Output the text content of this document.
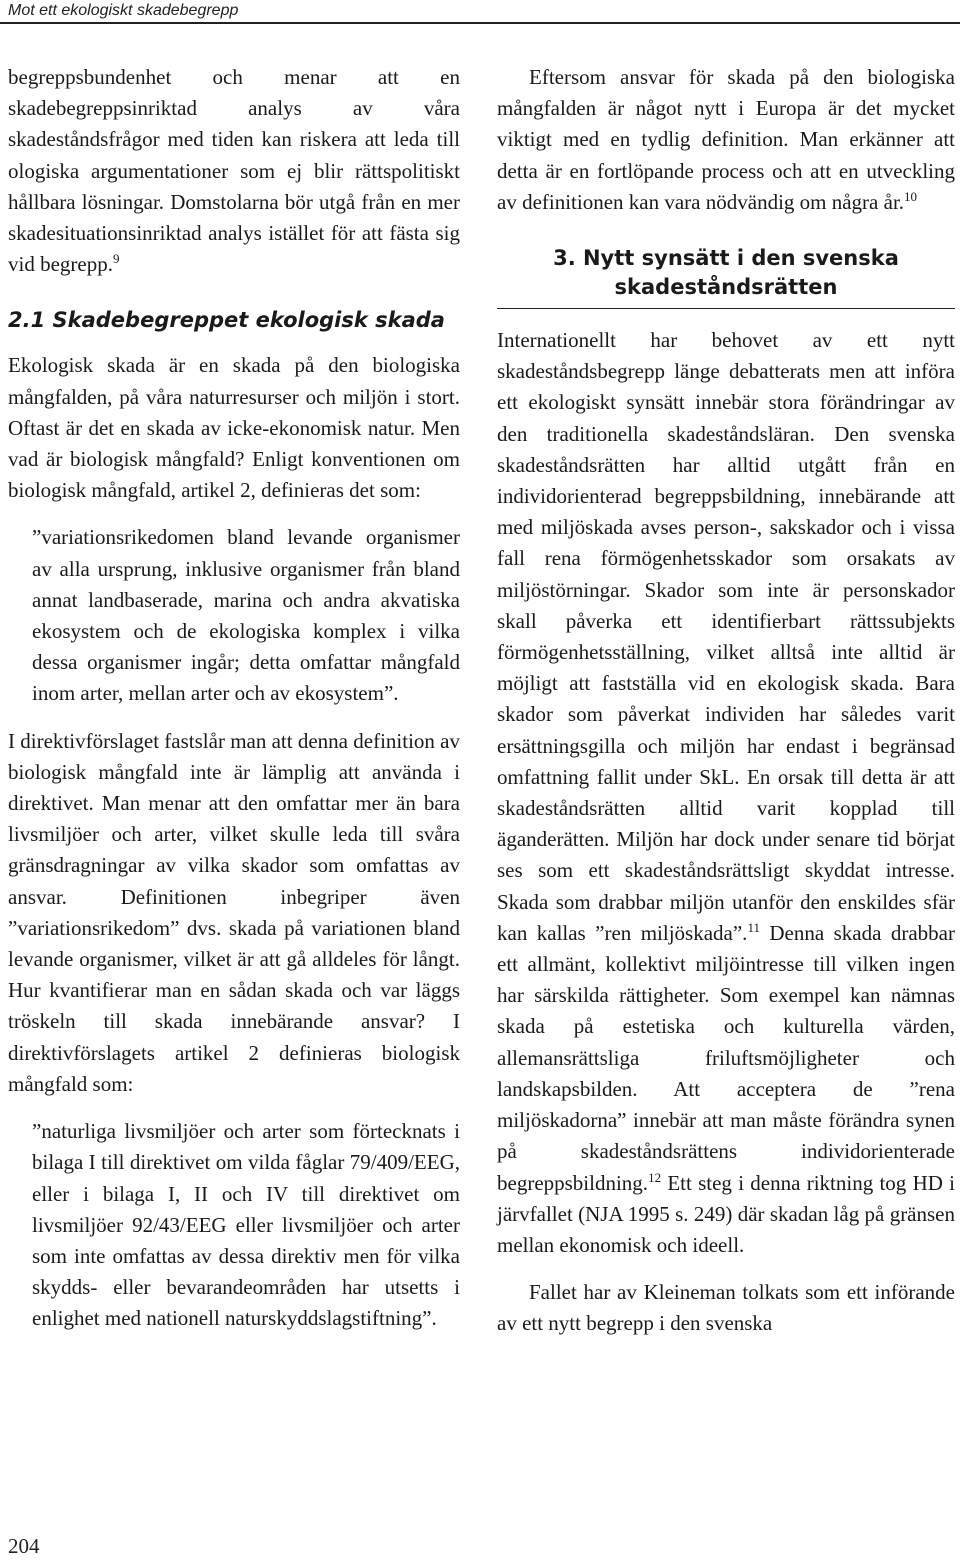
Mot ett ekologiskt skadebegrepp

begreppsbundenhet och menar att en skadebegreppsinriktad analys av våra skadeståndsfrågor med tiden kan riskera att leda till ologiska argumentationer som ej blir rättspolitiskt hållbara lösningar. Domstolarna bör utgå från en mer skadesituationsinriktad analys istället för att fästa sig vid begrepp.$^9$

2.1 Skadebegreppet ekologisk skada

Ekologisk skada är en skada på den biologiska mångfalden, på våra naturresurser och miljön i stort. Oftast är det en skada av icke-ekonomisk natur. Men vad är biologisk mångfald? Enligt konventionen om biologisk mångfald, artikel 2, definieras det som:

”variationsrikedomen bland levande organismer av alla ursprung, inklusive organismer från bland annat landbaserade, marina och andra akvatiska ekosystem och de ekologiska komplex i vilka dessa organismer ingår; detta omfattar mångfald inom arter, mellan arter och av ekosystem”.

I direktivförslaget fastslår man att denna definition av biologisk mångfald inte är lämplig att använda i direktivet. Man menar att den omfattar mer än bara livsmiljöer och arter, vilket skulle leda till svåra gränsdragningar av vilka skador som omfattas av ansvar. Definitionen inbegriper även ”variationsrikedom” dvs. skada på variationen bland levande organismer, vilket är att gå alldeles för långt. Hur kvantifierar man en sådan skada och var läggs tröskeln till skada innebärande ansvar? I direktivförslagets artikel 2 definieras biologisk mångfald som:

”naturliga livsmiljöer och arter som förtecknats i bilaga I till direktivet om vilda fåglar 79/409/EEG, eller i bilaga I, II och IV till direktivet om livsmiljöer 92/43/EEG eller livsmiljöer och arter som inte omfattas av dessa direktiv men för vilka skydds- eller bevarandeområden har utsetts i enlighet med nationell naturskyddslagstiftning”.

Eftersom ansvar för skada på den biologiska mångfalden är något nytt i Europa är det mycket viktigt med en tydlig definition. Man erkänner att detta är en fortlöpande process och att en utveckling av definitionen kan vara nödvändig om några år.$^{10}$

3. Nytt synsätt i den svenska

skadeståndsrätten

Internationellt har behovet av ett nytt skadeståndsbegrepp länge debatterats men att införa ett ekologiskt synsätt innebär stora förändringar av den traditionella skadeståndsläran. Den svenska skadeståndsrätten har alltid utgått från en individorienterad begreppsbildning, innebärande att med miljöskada avses person-, sakskador och i vissa fall rena förmögenhetsskador som orsakats av miljöstörningar. Skador som inte är personskador skall påverka ett identifierbart rättssubjekts förmögenhetsställning, vilket alltså inte alltid är möjligt att fastställa vid en ekologisk skada. Bara skador som påverkat individen har således varit ersättningsgilla och miljön har endast i begränsad omfattning fallit under SkL. En orsak till detta är att skadeståndsrätten alltid varit kopplad till äganderätten. Miljön har dock under senare tid börjat ses som ett skadeståndsrättsligt skyddat intresse. Skada som drabbar miljön utanför den enskildes sfär kan kallas ”ren miljöskada”.$^{11}$ Denna skada drabbar ett allmänt, kollektivt miljöintresse till vilken ingen har särskilda rättigheter. Som exempel kan nämnas skada på estetiska och kulturella värden, allemansrättsliga friluftsmöjligheter och landskapsbilden. Att acceptera de ”rena miljöskadorna” innebär att man måste förändra synen på skadeståndsrättens individorienterade begreppsbildning.$^{12}$ Ett steg i denna riktning tog HD i järvfallet (NJA 1995 s. 249) där skadan låg på gränsen mellan ekonomisk och ideell.

Fallet har av Kleineman tolkats som ett införande av ett nytt begrepp i den svenska

204
